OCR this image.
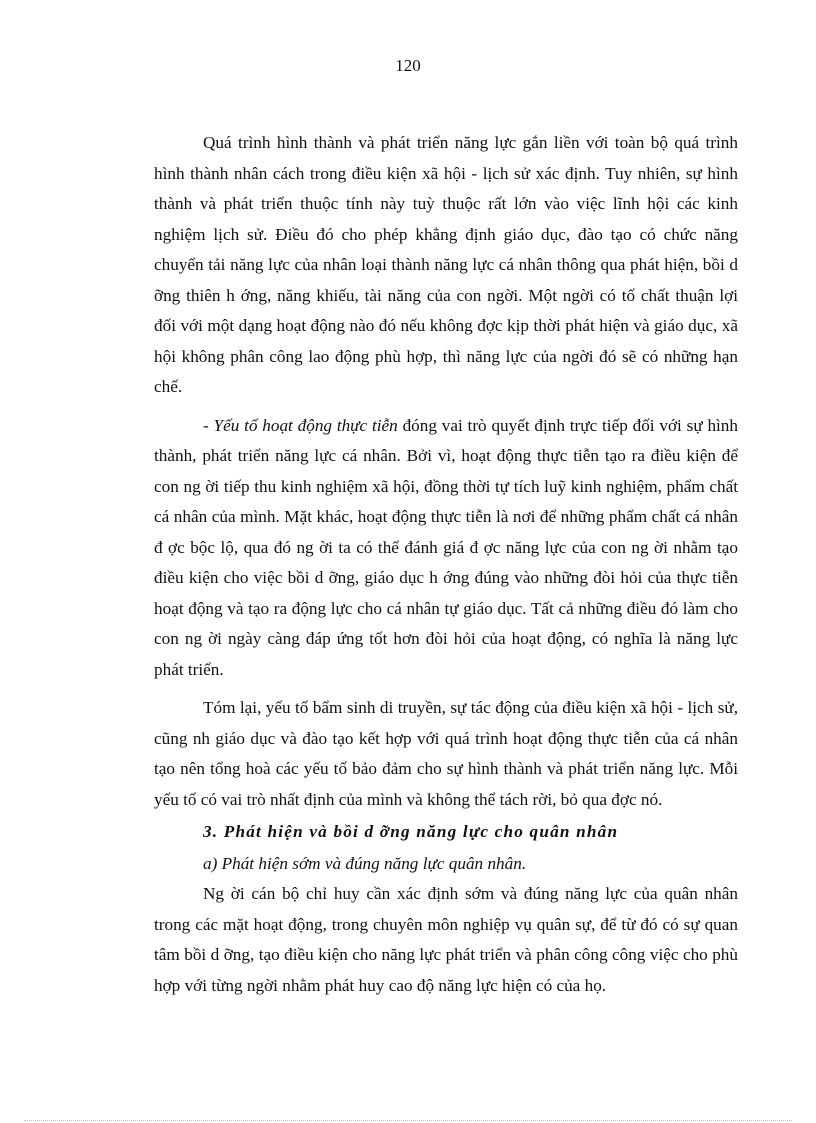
120

Quá trình hình thành và phát triển năng lực gắn liền với toàn bộ quá trình hình thành nhân cách trong điều kiện xã hội - lịch sử xác định. Tuy nhiên, sự hình thành và phát triển thuộc tính này tuỳ thuộc rất lớn vào việc lĩnh hội các kinh nghiệm lịch sử. Điều đó cho phép khẳng định giáo dục, đào tạo có chức năng chuyển tải năng lực của nhân loại thành năng lực cá nhân thông qua phát hiện, bồi d ỡng thiên h ớng, năng khiếu, tài năng của con ngời. Một ngời có tố chất thuận lợi đối với một dạng hoạt động nào đó nếu không đợc kịp thời phát hiện và giáo dục, xã hội không phân công lao động phù hợp, thì năng lực của ngời đó sẽ có những hạn chế.

- Yếu tố hoạt động thực tiễn đóng vai trò quyết định trực tiếp đối với sự hình thành, phát triển năng lực cá nhân. Bởi vì, hoạt động thực tiễn tạo ra điều kiện để con ng ời tiếp thu kinh nghiệm xã hội, đồng thời tự tích luỹ kinh nghiệm, phẩm chất cá nhân của mình. Mặt khác, hoạt động thực tiễn là nơi để những phẩm chất cá nhân đ ợc bộc lộ, qua đó ng ời ta có thể đánh giá đ ợc năng lực của con ng ời nhằm tạo điều kiện cho việc bồi d ỡng, giáo dục h ớng đúng vào những đòi hỏi của thực tiễn hoạt động và tạo ra động lực cho cá nhân tự giáo dục. Tất cả những điều đó làm cho con ng ời ngày càng đáp ứng tốt hơn đòi hỏi của hoạt động, có nghĩa là năng lực phát triển.

Tóm lại, yếu tố bẩm sinh di truyền, sự tác động của điều kiện xã hội - lịch sử, cũng nh giáo dục và đào tạo kết hợp với quá trình hoạt động thực tiễn của cá nhân tạo nên tổng hoà các yếu tố bảo đảm cho sự hình thành và phát triển năng lực. Mỗi yếu tố có vai trò nhất định của mình và không thể tách rời, bỏ qua đợc nó.

3. Phát hiện và bồi d ỡng năng lực cho quân nhân
a) Phát hiện sớm và đúng năng lực quân nhân.

Ng ời cán bộ chỉ huy cần xác định sớm và đúng năng lực của quân nhân trong các mặt hoạt động, trong chuyên môn nghiệp vụ quân sự, để từ đó có sự quan tâm bồi d ỡng, tạo điều kiện cho năng lực phát triển và phân công công việc cho phù hợp với từng ngời nhằm phát huy cao độ năng lực hiện có của họ.
